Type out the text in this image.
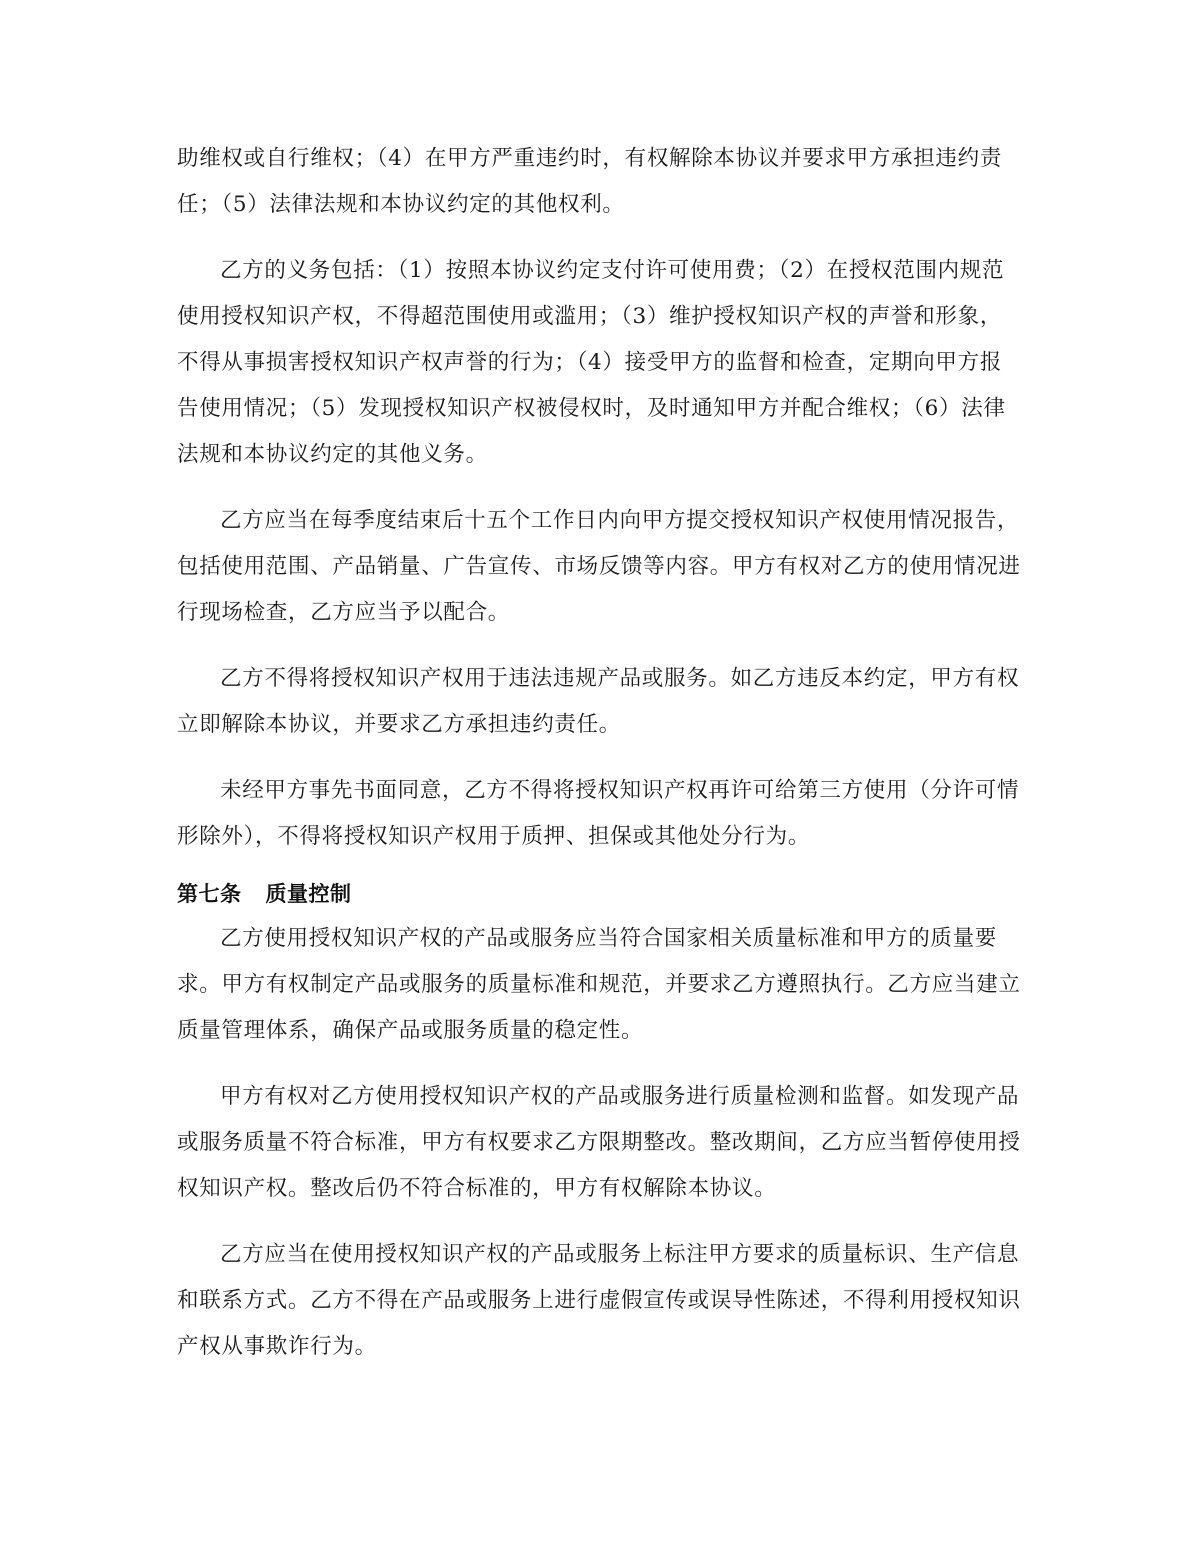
助维权或自行维权；（4）在甲方严重违约时，有权解除本协议并要求甲方承担违约责任；（5）法律法规和本协议约定的其他权利。

乙方的义务包括：（1）按照本协议约定支付许可使用费；（2）在授权范围内规范使用授权知识产权，不得超范围使用或滥用；（3）维护授权知识产权的声誉和形象，不得从事损害授权知识产权声誉的行为；（4）接受甲方的监督和检查，定期向甲方报告使用情况；（5）发现授权知识产权被侵权时，及时通知甲方并配合维权；（6）法律法规和本协议约定的其他义务。

乙方应当在每季度结束后十五个工作日内向甲方提交授权知识产权使用情况报告，包括使用范围、产品销量、广告宣传、市场反馈等内容。甲方有权对乙方的使用情况进行现场检查，乙方应当予以配合。

乙方不得将授权知识产权用于违法违规产品或服务。如乙方违反本约定，甲方有权立即解除本协议，并要求乙方承担违约责任。

未经甲方事先书面同意，乙方不得将授权知识产权再许可给第三方使用（分许可情形除外），不得将授权知识产权用于质押、担保或其他处分行为。

第七条 质量控制

乙方使用授权知识产权的产品或服务应当符合国家相关质量标准和甲方的质量要求。甲方有权制定产品或服务的质量标准和规范，并要求乙方遵照执行。乙方应当建立质量管理体系，确保产品或服务质量的稳定性。

甲方有权对乙方使用授权知识产权的产品或服务进行质量检测和监督。如发现产品或服务质量不符合标准，甲方有权要求乙方限期整改。整改期间，乙方应当暂停使用授权知识产权。整改后仍不符合标准的，甲方有权解除本协议。

乙方应当在使用授权知识产权的产品或服务上标注甲方要求的质量标识、生产信息和联系方式。乙方不得在产品或服务上进行虚假宣传或误导性陈述，不得利用授权知识产权从事欺诈行为。
